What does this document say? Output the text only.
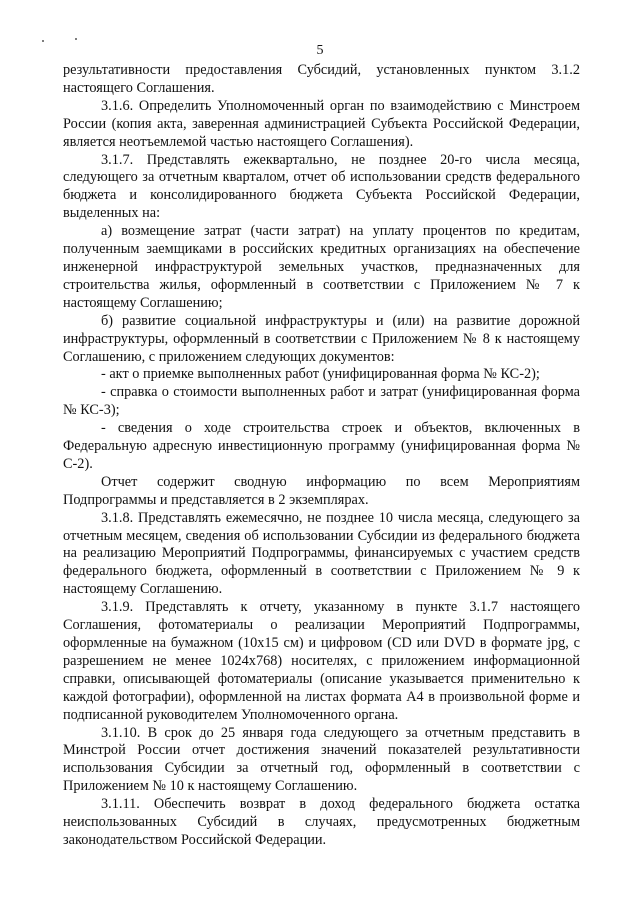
5

результативности предоставления Субсидий, установленных пунктом 3.1.2 настоящего Соглашения.

3.1.6. Определить Уполномоченный орган по взаимодействию с Минстроем России (копия акта, заверенная администрацией Субъекта Российской Федерации, является неотъемлемой частью настоящего Соглашения).

3.1.7. Представлять ежеквартально, не позднее 20-го числа месяца, следующего за отчетным кварталом, отчет об использовании средств федерального бюджета и консолидированного бюджета Субъекта Российской Федерации, выделенных на:

а) возмещение затрат (части затрат) на уплату процентов по кредитам, полученным заемщиками в российских кредитных организациях на обеспечение инженерной инфраструктурой земельных участков, предназначенных для строительства жилья, оформленный в соответствии с Приложением № 7 к настоящему Соглашению;

б) развитие социальной инфраструктуры и (или) на развитие дорожной инфраструктуры, оформленный в соответствии с Приложением № 8 к настоящему Соглашению, с приложением следующих документов:

- акт о приемке выполненных работ (унифицированная форма № КС-2);

- справка о стоимости выполненных работ и затрат (унифицированная форма № КС-3);

- сведения о ходе строительства строек и объектов, включенных в Федеральную адресную инвестиционную программу (унифицированная форма № С-2).

Отчет содержит сводную информацию по всем Мероприятиям Подпрограммы и представляется в 2 экземплярах.

3.1.8. Представлять ежемесячно, не позднее 10 числа месяца, следующего за отчетным месяцем, сведения об использовании Субсидии из федерального бюджета на реализацию Мероприятий Подпрограммы, финансируемых с участием средств федерального бюджета, оформленный в соответствии с Приложением № 9 к настоящему Соглашению.

3.1.9. Представлять к отчету, указанному в пункте 3.1.7 настоящего Соглашения, фотоматериалы о реализации Мероприятий Подпрограммы, оформленные на бумажном (10x15 см) и цифровом (CD или DVD в формате jpg, с разрешением не менее 1024x768) носителях, с приложением информационной справки, описывающей фотоматериалы (описание указывается применительно к каждой фотографии), оформленной на листах формата А4 в произвольной форме и подписанной руководителем Уполномоченного органа.

3.1.10. В срок до 25 января года следующего за отчетным представить в Минстрой России отчет достижения значений показателей результативности использования Субсидии за отчетный год, оформленный в соответствии с Приложением № 10 к настоящему Соглашению.

3.1.11. Обеспечить возврат в доход федерального бюджета остатка неиспользованных Субсидий в случаях, предусмотренных бюджетным законодательством Российской Федерации.
